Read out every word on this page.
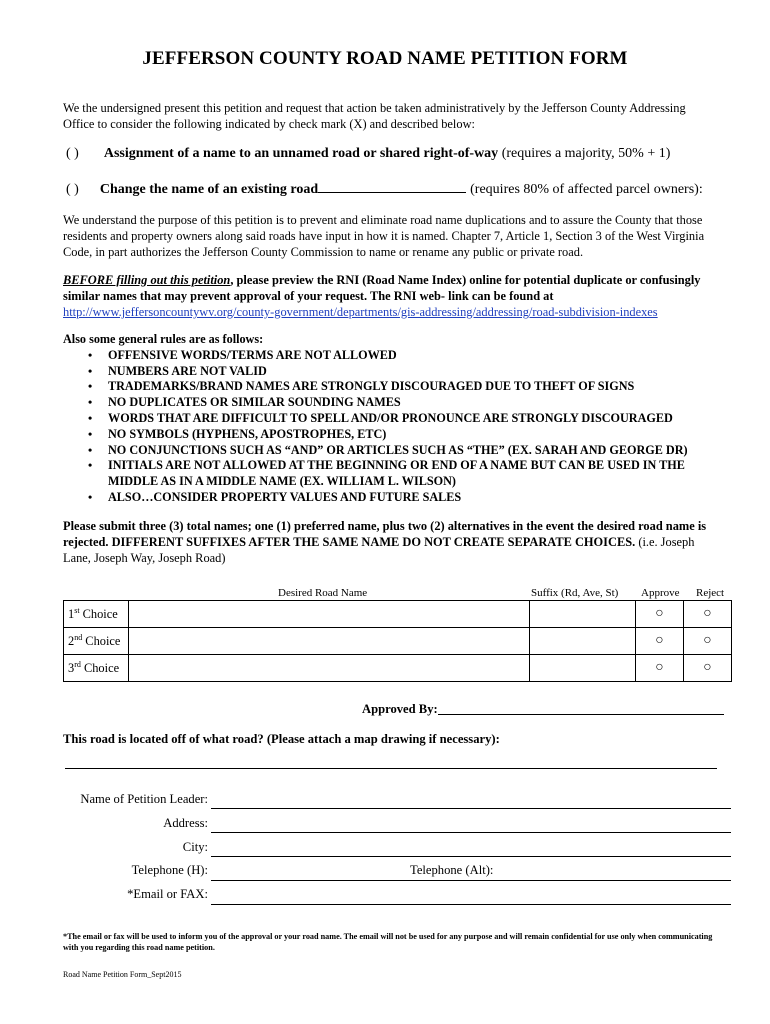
JEFFERSON COUNTY ROAD NAME PETITION FORM
We the undersigned present this petition and request that action be taken administratively by the Jefferson County Addressing Office to consider the following indicated by check mark (X) and described below:
( ) Assignment of a name to an unnamed road or shared right-of-way (requires a majority, 50% + 1)
( ) Change the name of an existing road	(requires 80% of affected parcel owners):
We understand the purpose of this petition is to prevent and eliminate road name duplications and to assure the County that those residents and property owners along said roads have input in how it is named. Chapter 7, Article 1, Section 3 of the West Virginia Code, in part authorizes the Jefferson County Commission to name or rename any public or private road.
BEFORE filling out this petition, please preview the RNI (Road Name Index) online for potential duplicate or confusingly similar names that may prevent approval of your request. The RNI web- link can be found at
http://www.jeffersoncountywv.org/county-government/departments/gis-addressing/addressing/road-subdivision-indexes
Also some general rules are as follows:
• OFFENSIVE WORDS/TERMS ARE NOT ALLOWED
• NUMBERS ARE NOT VALID
• TRADEMARKS/BRAND NAMES ARE STRONGLY DISCOURAGED DUE TO THEFT OF SIGNS
• NO DUPLICATES OR SIMILAR SOUNDING NAMES
• WORDS THAT ARE DIFFICULT TO SPELL AND/OR PRONOUNCE ARE STRONGLY DISCOURAGED
• NO SYMBOLS (HYPHENS, APOSTROPHES, ETC)
• NO CONJUNCTIONS SUCH AS “AND” OR ARTICLES SUCH AS “THE” (EX. SARAH AND GEORGE DR)
• INITIALS ARE NOT ALLOWED AT THE BEGINNING OR END OF A NAME BUT CAN BE USED IN THE MIDDLE AS IN A MIDDLE NAME (EX. WILLIAM L. WILSON)
• ALSO…CONSIDER PROPERTY VALUES AND FUTURE SALES
Please submit three (3) total names; one (1) preferred name, plus two (2) alternatives in the event the desired road name is rejected. DIFFERENT SUFFIXES AFTER THE SAME NAME DO NOT CREATE SEPARATE CHOICES. (i.e. Joseph Lane, Joseph Way, Joseph Road)
Desired Road Name	Suffix (Rd, Ave, St) Approve Reject
1st Choice			○	○
2nd Choice			○	○
3rd Choice			○	○
Approved By:
This road is located off of what road? (Please attach a map drawing if necessary):
Name of Petition Leader:
Address:
City:
Telephone (H):	Telephone (Alt):
*Email or FAX:
*The email or fax will be used to inform you of the approval or your road name. The email will not be used for any purpose and will remain confidential for use only when communicating with you regarding this road name petition.
Road Name Petition Form_Sept2015
